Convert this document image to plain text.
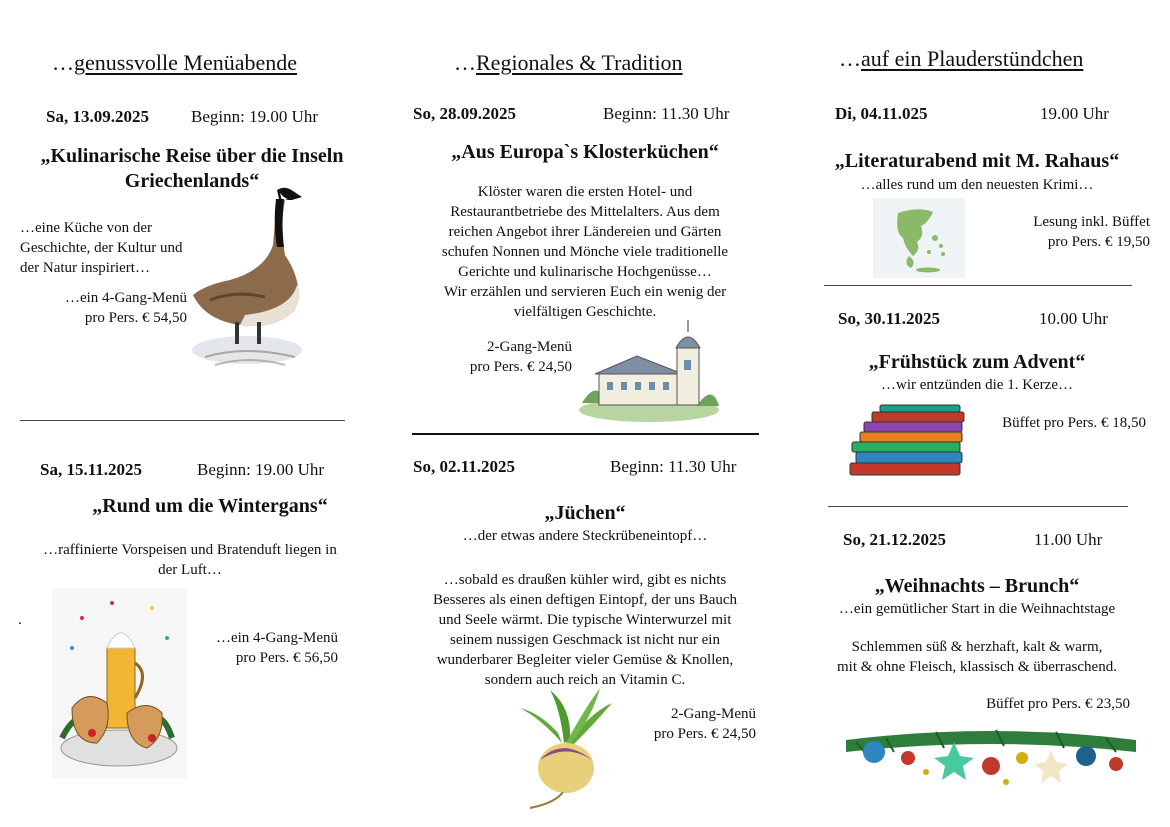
…genussvolle Menüabende
Sa, 13.09.2025 Beginn: 19.00 Uhr
„Kulinarische Reise über die Inseln Griechenlands“
…eine Küche von der
Geschichte, der Kultur und
der Natur inspiriert…
…ein 4-Gang-Menü
pro Pers. € 54,50
Sa, 15.11.2025	Beginn: 19.00 Uhr
„Rund um die Wintergans“
…raffinierte Vorspeisen und Bratenduft liegen in
der Luft…
.
…ein 4-Gang-Menü
pro Pers. € 56,50
…Regionales & Tradition
So, 28.09.2025	Beginn: 11.30 Uhr
„Aus Europa`s Klosterküchen“
Klöster waren die ersten Hotel- und
Restaurantbetriebe des Mittelalters. Aus dem
reichen Angebot ihrer Ländereien und Gärten
schufen Nonnen und Mönche viele traditionelle
Gerichte und kulinarische Hochgenüsse…
Wir erzählen und servieren Euch ein wenig der
vielfältigen Geschichte.
2-Gang-Menü
pro Pers. € 24,50
So, 02.11.2025	Beginn: 11.30 Uhr
„Jüchen“
…der etwas andere Steckrübeneintopf…
…sobald es draußen kühler wird, gibt es nichts
Besseres als einen deftigen Eintopf, der uns Bauch
und Seele wärmt. Die typische Winterwurzel mit
seinem nussigen Geschmack ist nicht nur ein
wunderbarer Begleiter vieler Gemüse & Knollen,
sondern auch reich an Vitamin C.
2-Gang-Menü
pro Pers. € 24,50
…auf ein Plauderstündchen
Di, 04.11.025	19.00 Uhr
„Literaturabend mit M. Rahaus“
…alles rund um den neuesten Krimi…
Lesung inkl. Büffet
pro Pers. € 19,50
So, 30.11.2025	10.00 Uhr
„Frühstück zum Advent“
…wir entzünden die 1. Kerze…
Büffet pro Pers. € 18,50
So, 21.12.2025	11.00 Uhr
„Weihnachts – Brunch“
…ein gemütlicher Start in die Weihnachtstage
Schlemmen süß & herzhaft, kalt & warm,
mit & ohne Fleisch, klassisch & überraschend.
Büffet pro Pers. € 23,50
